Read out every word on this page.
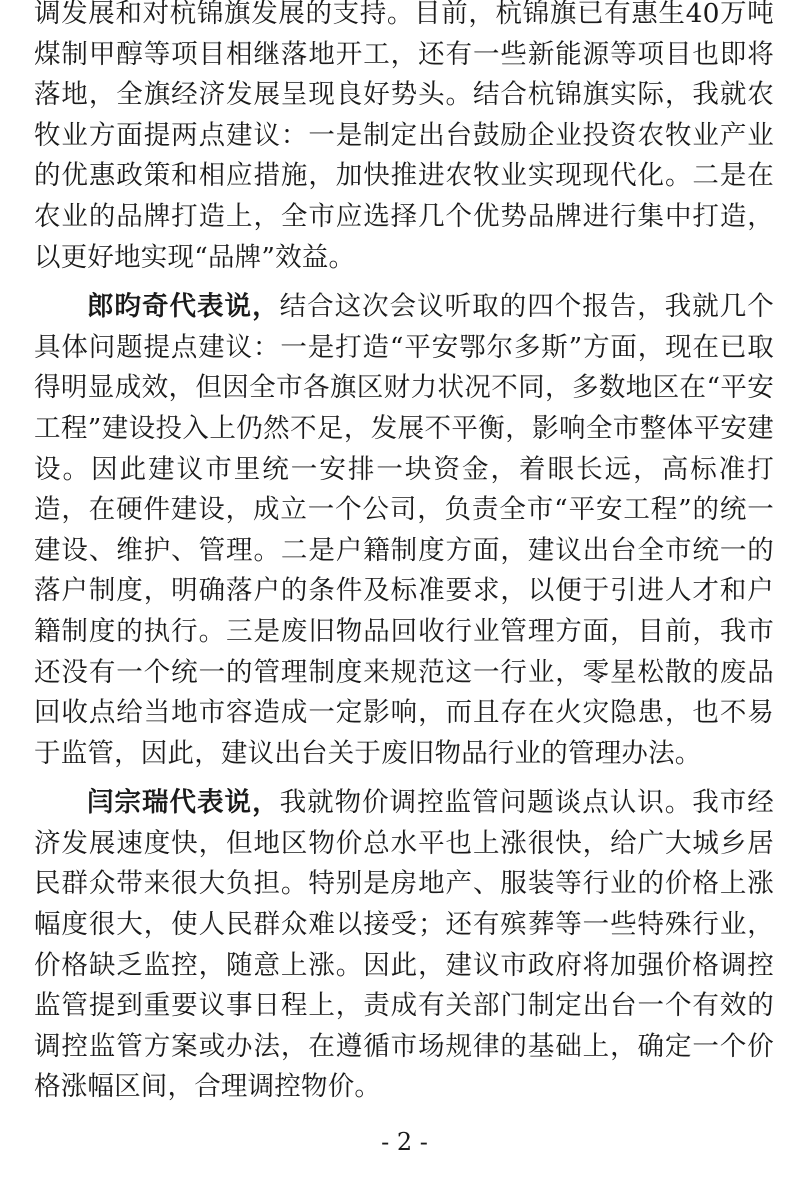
调发展和对杭锦旗发展的支持。目前，杭锦旗已有惠生40万吨煤制甲醇等项目相继落地开工，还有一些新能源等项目也即将落地，全旗经济发展呈现良好势头。结合杭锦旗实际，我就农牧业方面提两点建议：一是制定出台鼓励企业投资农牧业产业的优惠政策和相应措施，加快推进农牧业实现现代化。二是在农业的品牌打造上，全市应选择几个优势品牌进行集中打造，以更好地实现“品牌”效益。

郎昀奇代表说，结合这次会议听取的四个报告，我就几个具体问题提点建议：一是打造“平安鄂尔多斯”方面，现在已取得明显成效，但因全市各旗区财力状况不同，多数地区在“平安工程”建设投入上仍然不足，发展不平衡，影响全市整体平安建设。因此建议市里统一安排一块资金，着眼长远，高标准打造，在硬件建设，成立一个公司，负责全市“平安工程”的统一建设、维护、管理。二是户籍制度方面，建议出台全市统一的落户制度，明确落户的条件及标准要求，以便于引进人才和户籍制度的执行。三是废旧物品回收行业管理方面，目前，我市还没有一个统一的管理制度来规范这一行业，零星松散的废品回收点给当地市容造成一定影响，而且存在火灾隐患，也不易于监管，因此，建议出台关于废旧物品行业的管理办法。

闫宗瑞代表说，我就物价调控监管问题谈点认识。我市经济发展速度快，但地区物价总水平也上涨很快，给广大城乡居民群众带来很大负担。特别是房地产、服装等行业的价格上涨幅度很大，使人民群众难以接受；还有殡葬等一些特殊行业，价格缺乏监控，随意上涨。因此，建议市政府将加强价格调控监管提到重要议事日程上，责成有关部门制定出台一个有效的调控监管方案或办法，在遵循市场规律的基础上，确定一个价格涨幅区间，合理调控物价。

- 2 -
